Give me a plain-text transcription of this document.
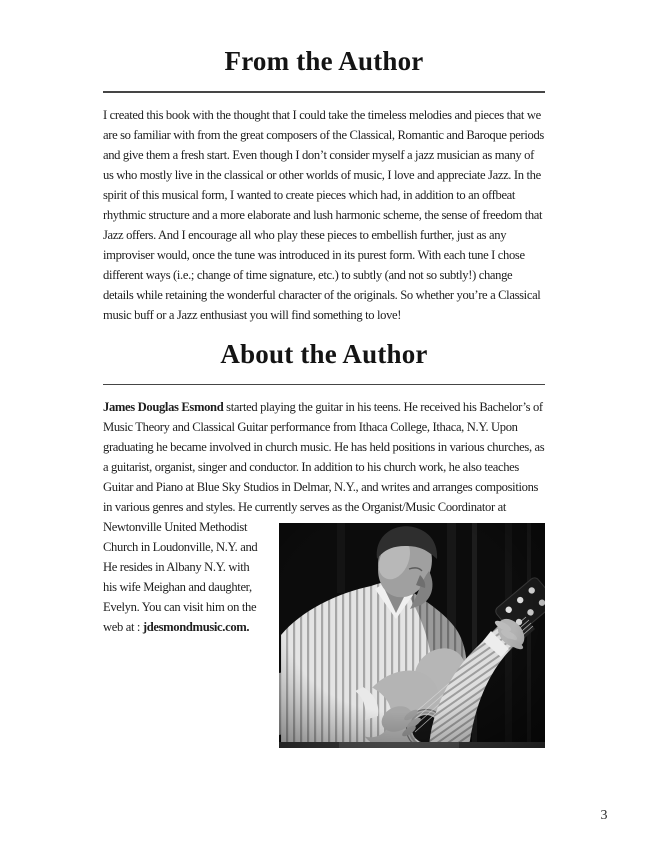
From the Author

I created this book with the thought that I could take the timeless melodies and pieces that we are so familiar with from the great composers of the Classical, Romantic and Baroque periods and give them a fresh start. Even though I don’t consider myself a jazz musician as many of us who mostly live in the classical or other worlds of music, I love and appreciate Jazz. In the spirit of this musical form, I wanted to create pieces which had, in addition to an offbeat rhythmic structure and a more elaborate and lush harmonic scheme, the sense of freedom that Jazz offers. And I encourage all who play these pieces to embellish further, just as any improviser would, once the tune was introduced in its purest form. With each tune I chose different ways (i.e.; change of time signature, etc.) to subtly (and not so subtly!) change details while retaining the wonderful character of the originals. So whether you’re a Classical music buff or a Jazz enthusiast you will find something to love!

About the Author

James Douglas Esmond started playing the guitar in his teens. He received his Bachelor’s of Music Theory and Classical Guitar performance from Ithaca College, Ithaca, N.Y. Upon graduating he became involved in church music. He has held positions in various churches, as a guitarist, organist, singer and conductor. In addition to his church work, he also teaches Guitar and Piano at Blue Sky Studios in Delmar, N.Y., and writes and arranges compositions in various genres and styles. He currently
serves as the Organist/Music Coordinator at Newtonville United Methodist Church in Loudonville, N.Y. and He resides in Albany N.Y. with his wife Meighan and daughter, Evelyn. You can visit him on the web at : jdesmondmusic.com.

3
